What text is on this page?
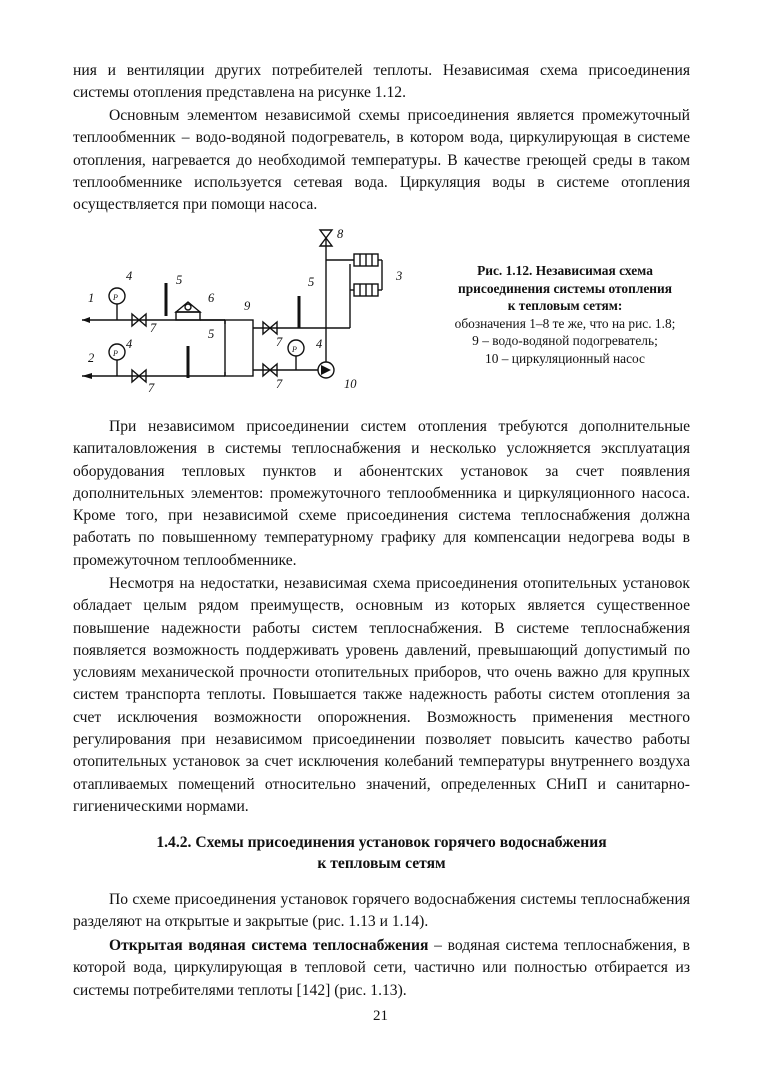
ния и вентиляции других потребителей теплоты. Независимая схема присоединения системы отопления представлена на рисунке 1.12.

Основным элементом независимой схемы присоединения является промежуточный теплообменник – водо-водяной подогреватель, в котором вода, циркулирующая в системе отопления, нагревается до необходимой температуры. В качестве греющей среды в таком теплообменнике используется сетевая вода. Циркуляция воды в системе отопления осуществляется при помощи насоса.

1
2
3
4
4	4
5
5
5
6
7
7
7
7
8
9
10
P
P	P
Рис. 1.12. Независимая схема
присоединения системы отопления
к тепловым сетям:
обозначения 1–8 те же, что на рис. 1.8;
9 – водо-водяной подогреватель;
10 – циркуляционный насос

При независимом присоединении систем отопления требуются дополнительные капиталовложения в системы теплоснабжения и несколько усложняется эксплуатация оборудования тепловых пунктов и абонентских установок за счет появления дополнительных элементов: промежуточного теплообменника и циркуляционного насоса. Кроме того, при независимой схеме присоединения система теплоснабжения должна работать по повышенному температурному графику для компенсации недогрева воды в промежуточном теплообменнике.

Несмотря на недостатки, независимая схема присоединения отопительных установок обладает целым рядом преимуществ, основным из которых является существенное повышение надежности работы систем теплоснабжения. В системе теплоснабжения появляется возможность поддерживать уровень давлений, превышающий допустимый по условиям механической прочности отопительных приборов, что очень важно для крупных систем транспорта теплоты. Повышается также надежность работы систем отопления за счет исключения возможности опорожнения. Возможность применения местного регулирования при независимом присоединении позволяет повысить качество работы отопительных установок за счет исключения колебаний температуры внутреннего воздуха отапливаемых помещений относительно значений, определенных СНиП и санитарно-гигиеническими нормами.

1.4.2. Схемы присоединения установок горячего водоснабжения
к тепловым сетям

По схеме присоединения установок горячего водоснабжения системы теплоснабжения разделяют на открытые и закрытые (рис. 1.13 и 1.14).

Открытая водяная система теплоснабжения – водяная система теплоснабжения, в которой вода, циркулирующая в тепловой сети, частично или полностью отбирается из системы потребителями теплоты [142] (рис. 1.13).

21
